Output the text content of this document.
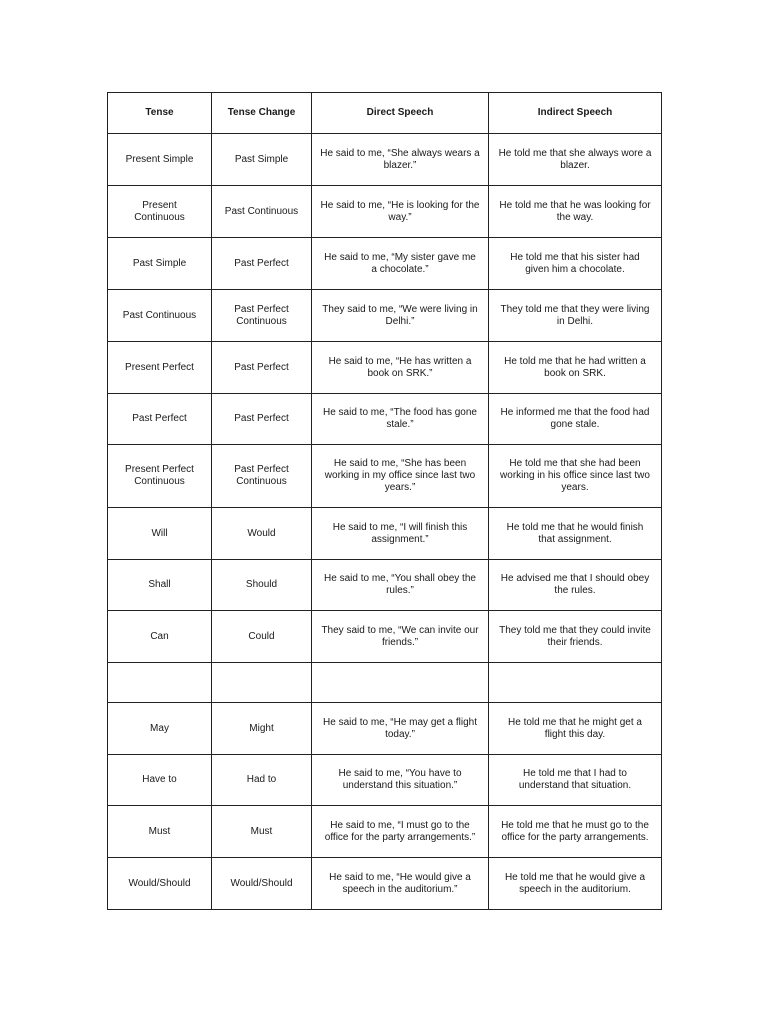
Tense	Tense Change	Direct Speech	Indirect Speech
Present Simple	Past Simple	He said to me, “She always wears a blazer.”	He told me that she always wore a blazer.
Present Continuous	Past Continuous	He said to me, “He is looking for the way.”	He told me that he was looking for the way.
Past Simple	Past Perfect	He said to me, “My sister gave me a chocolate.”	He told me that his sister had given him a chocolate.
Past Continuous	Past Perfect Continuous	They said to me, “We were living in Delhi.”	They told me that they were living in Delhi.
Present Perfect	Past Perfect	He said to me, “He has written a book on SRK.”	He told me that he had written a book on SRK.
Past Perfect	Past Perfect	He said to me, “The food has gone stale.”	He informed me that the food had gone stale.
Present Perfect Continuous	Past Perfect Continuous	He said to me, “She has been working in my office since last two years.”	He told me that she had been working in his office since last two years.
Will	Would	He said to me, “I will finish this assignment.”	He told me that he would finish that assignment.
Shall	Should	He said to me, “You shall obey the rules.”	He advised me that I should obey the rules.
Can	Could	They said to me, “We can invite our friends.”	They told me that they could invite their friends.

May	Might	He said to me, “He may get a flight today.”	He told me that he might get a flight this day.
Have to	Had to	He said to me, “You have to understand this situation.”	He told me that I had to understand that situation.
Must	Must	He said to me, “I must go to the office for the party arrangements.”	He told me that he must go to the office for the party arrangements.
Would/Should	Would/Should	He said to me, “He would give a speech in the auditorium.”	He told me that he would give a speech in the auditorium.
